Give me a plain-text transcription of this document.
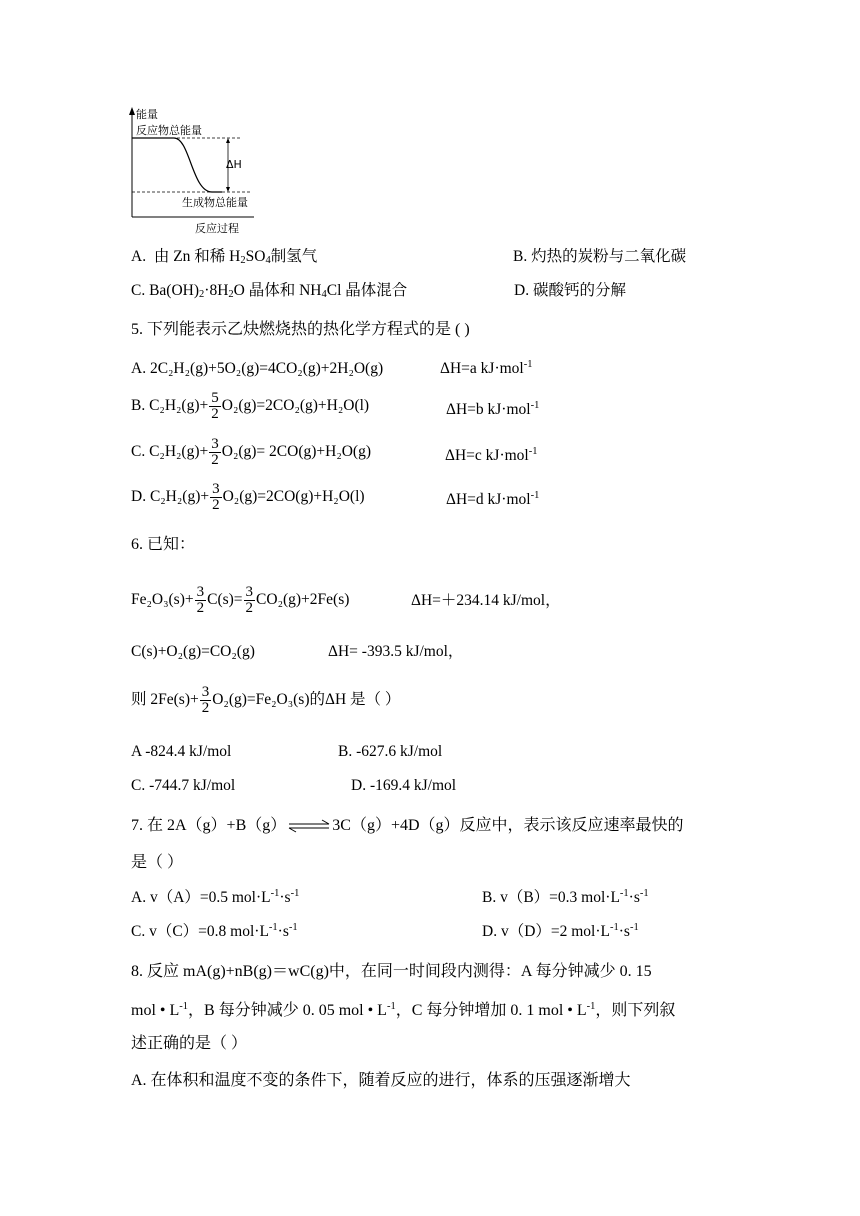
能量
反应物总能量
ΔH
生成物总能量
反应过程
A. 由 Zn 和稀 $H_2SO_4$制氢气	B. 灼热的炭粉与二氧化碳
C. $Ba(OH)_2\cdot 8H_2O$ 晶体和 $NH_4Cl$ 晶体混合	D. 碳酸钙的分解
5. 下列能表示乙炔燃烧热的热化学方程式的是 ( )
A. 2C₂H₂(g)+5O₂(g)=4CO₂(g)+2H₂O(g)	ΔH=a kJ·mol$^{-1}$
B. $C_2H_2(g)+ \frac{5}{2} O_2(g)=2CO_2(g)+H_2O(l)$	ΔH=b kJ·mol$^{-1}$
C. $C_2H_2(g)+ \frac{3}{2} O_2(g)= 2CO(g)+H_2O(g)$	ΔH=c kJ·mol$^{-1}$
D. $C_2H_2(g)+ \frac{3}{2} O_2(g)=2CO(g)+H_2O(l)$	ΔH=d kJ·mol$^{-1}$
6. 已知：
$Fe_2O_3(s)+ \frac{3}{2} C(s)= \frac{3}{2} CO_2(g)+2Fe(s)$	ΔH=＋234.14 kJ/mol，
C(s)+O₂(g)=CO₂(g)	ΔH= -393.5 kJ/mol，
则 $2Fe(s)+ \frac{3}{2} O_2(g)=Fe_2O_3(s)$的ΔH 是（ ）
A -824.4 kJ/mol	B. -627.6 kJ/mol
C. -744.7 kJ/mol	D. -169.4 kJ/mol
7. 在 2A（g）+B（g）⇌3C（g）+4D（g）反应中，表示该反应速率最快的
是（ ）
A. v（A）=0.5 $mol\cdot L^{-1}\cdot s^{-1}$	B. v（B）=0.3 $mol\cdot L^{-1}\cdot s^{-1}$
C. v（C）=0.8 $mol\cdot L^{-1}\cdot s^{-1}$	D. v（D）=2 $mol\cdot L^{-1}\cdot s^{-1}$
8. 反应 mA(g)+nB(g)＝wC(g)中，在同一时间段内测得：A 每分钟减少 0. 15
mol • $L^{-1}$，B 每分钟减少 0. 05 mol • $L^{-1}$，C 每分钟增加 0. 1 mol • $L^{-1}$，则下列叙
述正确的是（ ）
A. 在体积和温度不变的条件下，随着反应的进行，体系的压强逐渐增大
